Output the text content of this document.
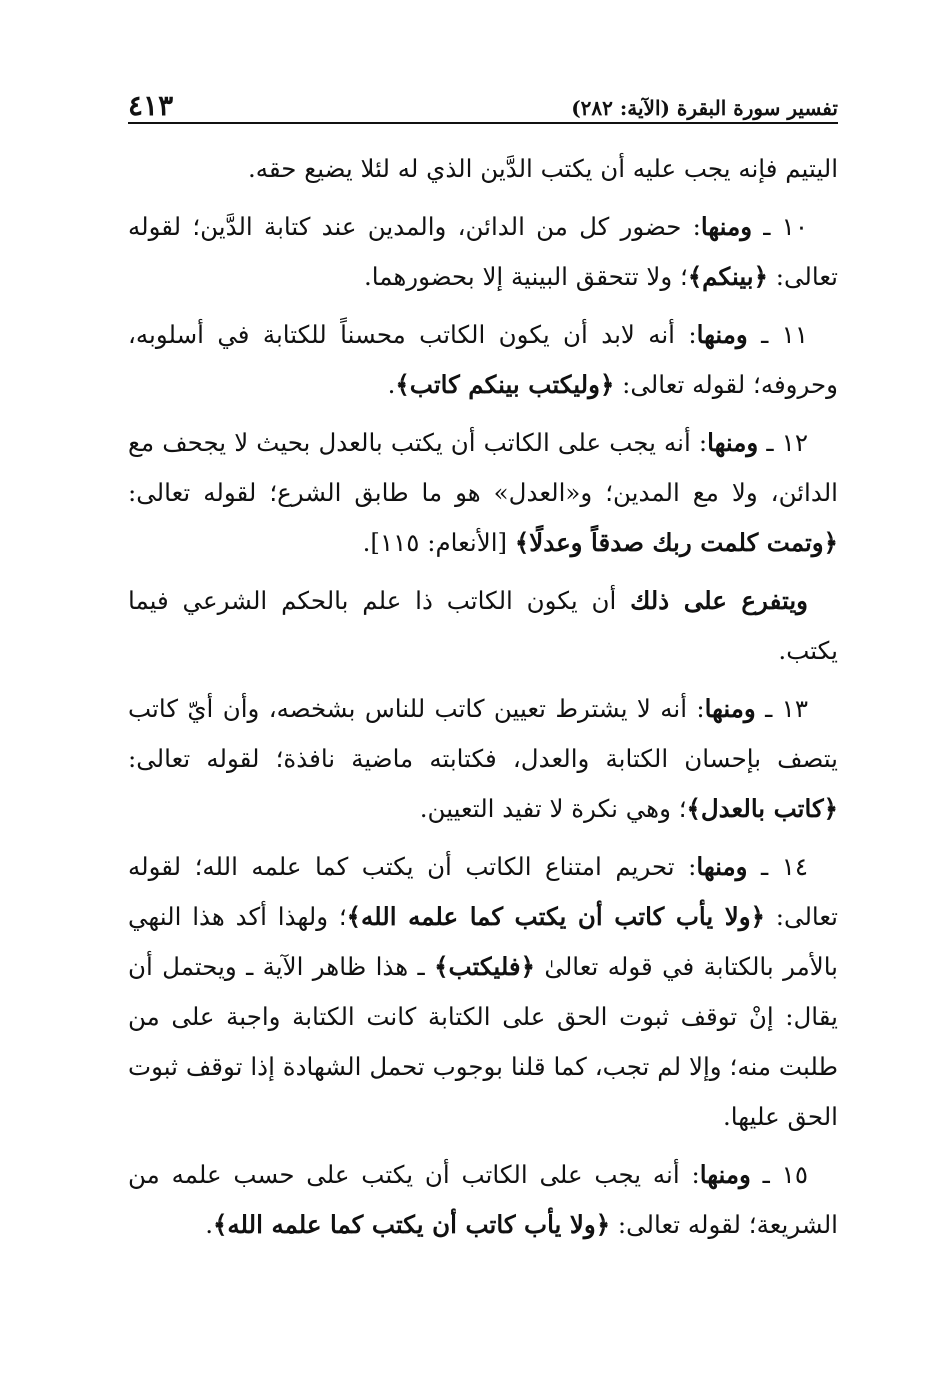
تفسير سورة البقرة (الآية: ٢٨٢)
٤١٣

اليتيم فإنه يجب عليه أن يكتب الدَّين الذي له لئلا يضيع حقه.

١٠ ـ ومنها: حضور كل من الدائن، والمدين عند كتابة الدَّين؛ لقوله تعالى: ﴿بينكم﴾؛ ولا تتحقق البينية إلا بحضورهما.

١١ ـ ومنها: أنه لابد أن يكون الكاتب محسناً للكتابة في أسلوبه، وحروفه؛ لقوله تعالى: ﴿وليكتب بينكم كاتب﴾.

١٢ ـ ومنها: أنه يجب على الكاتب أن يكتب بالعدل بحيث لا يجحف مع الدائن، ولا مع المدين؛ و«العدل» هو ما طابق الشرع؛ لقوله تعالى: ﴿وتمت كلمت ربك صدقاً وعدلًا﴾ [الأنعام: ١١٥].

ويتفرع على ذلك أن يكون الكاتب ذا علم بالحكم الشرعي فيما يكتب.

١٣ ـ ومنها: أنه لا يشترط تعيين كاتب للناس بشخصه، وأن أيّ كاتب يتصف بإحسان الكتابة والعدل، فكتابته ماضية نافذة؛ لقوله تعالى: ﴿كاتب بالعدل﴾؛ وهي نكرة لا تفيد التعيين.

١٤ ـ ومنها: تحريم امتناع الكاتب أن يكتب كما علمه الله؛ لقوله تعالى: ﴿ولا يأب كاتب أن يكتب كما علمه الله﴾؛ ولهذا أكد هذا النهي بالأمر بالكتابة في قوله تعالىٰ ﴿فليكتب﴾ ـ هذا ظاهر الآية ـ ويحتمل أن يقال: إنْ توقف ثبوت الحق على الكتابة كانت الكتابة واجبة على من طلبت منه؛ وإلا لم تجب، كما قلنا بوجوب تحمل الشهادة إذا توقف ثبوت الحق عليها.

١٥ ـ ومنها: أنه يجب على الكاتب أن يكتب على حسب علمه من الشريعة؛ لقوله تعالى: ﴿ولا يأب كاتب أن يكتب كما علمه الله﴾.
